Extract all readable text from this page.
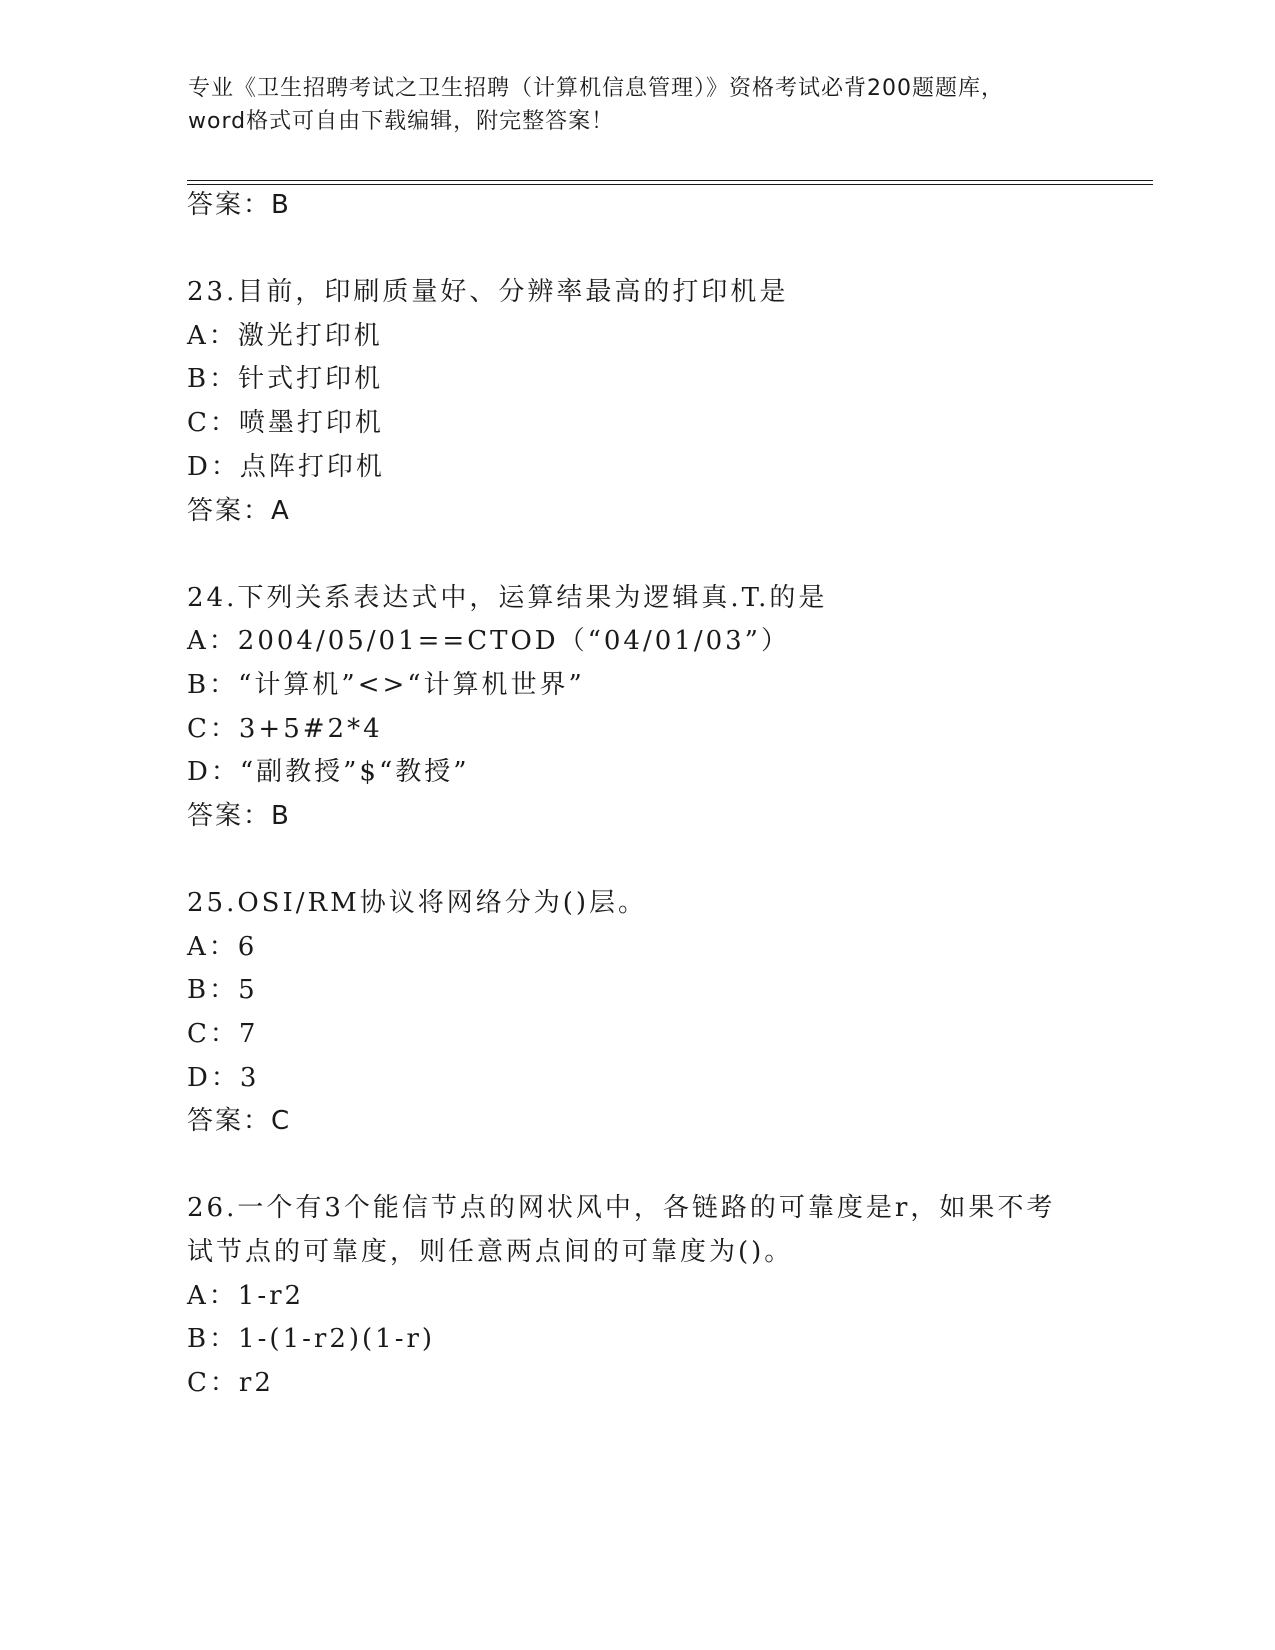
专业《卫生招聘考试之卫生招聘（计算机信息管理）》资格考试必背200题题库，
word格式可自由下载编辑，附完整答案！
答案：B
23.目前，印刷质量好、分辨率最高的打印机是
A：激光打印机
B：针式打印机
C：喷墨打印机
D：点阵打印机
答案：A
24.下列关系表达式中，运算结果为逻辑真.T.的是
A：2004/05/01==CTOD（“04/01/03”）
B：“计算机”<>“计算机世界”
C：3+5#2*4
D：“副教授”$“教授”
答案：B
25.OSI/RM协议将网络分为()层。
A：6
B：5
C：7
D：3
答案：C
26.一个有3个能信节点的网状风中，各链路的可靠度是r，如果不考
试节点的可靠度，则任意两点间的可靠度为()。
A：1-r2
B：1-(1-r2)(1-r)
C：r2
